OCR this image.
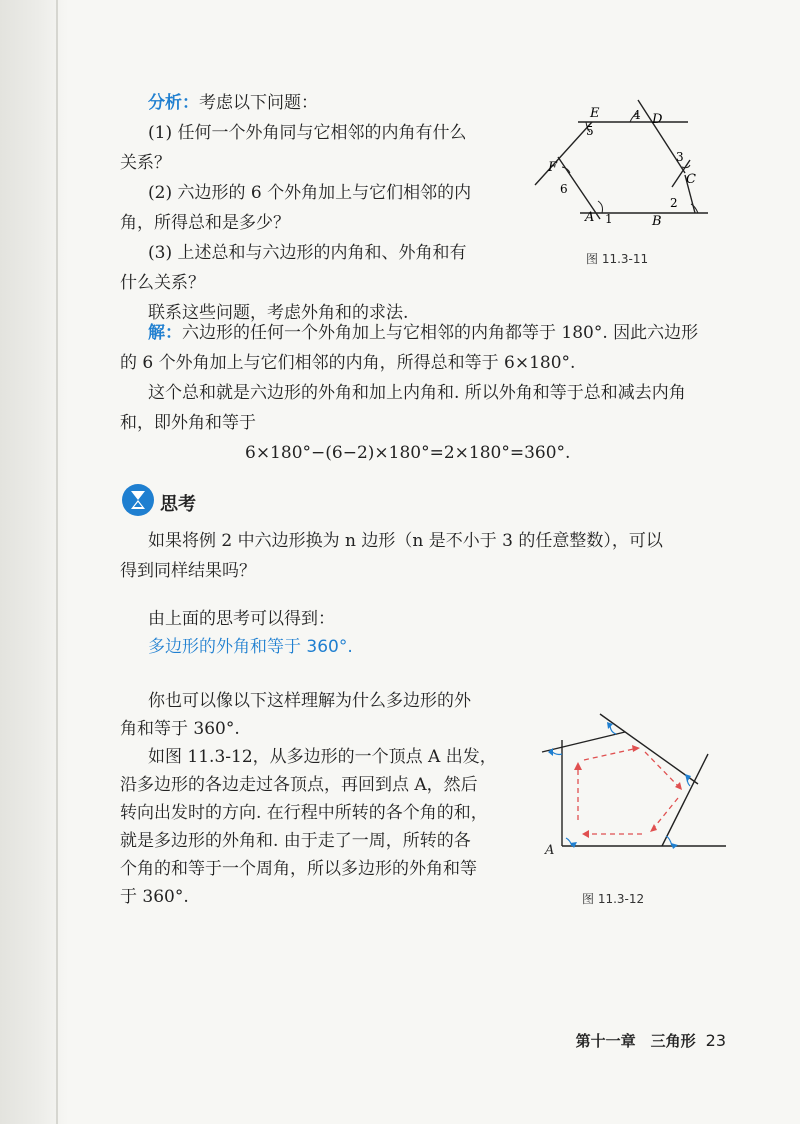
分析：考虑以下问题：
(1) 任何一个外角同与它相邻的内角有什么
关系？
(2) 六边形的 6 个外角加上与它们相邻的内
角，所得总和是多少？
(3) 上述总和与六边形的内角和、外角和有
什么关系？
联系这些问题，考虑外角和的求法.
A 1	B
2
C
3
D
4
E
5
F
6
图 11.3-11
解：六边形的任何一个外角加上与它相邻的内角都等于 180°. 因此六边形
的 6 个外角加上与它们相邻的内角，所得总和等于 6×180°.
这个总和就是六边形的外角和加上内角和. 所以外角和等于总和减去内角
和，即外角和等于
6×180°−(6−2)×180°=2×180°=360°.
思考
如果将例 2 中六边形换为 n 边形（n 是不小于 3 的任意整数），可以
得到同样结果吗？
由上面的思考可以得到：
多边形的外角和等于 360°.
你也可以像以下这样理解为什么多边形的外
角和等于 360°.
如图 11.3-12，从多边形的一个顶点 A 出发，
沿多边形的各边走过各顶点，再回到点 A，然后
转向出发时的方向. 在行程中所转的各个角的和，
就是多边形的外角和. 由于走了一周，所转的各
个角的和等于一个周角，所以多边形的外角和等
于 360°.
A
图 11.3-12
第十一章　三角形 23
